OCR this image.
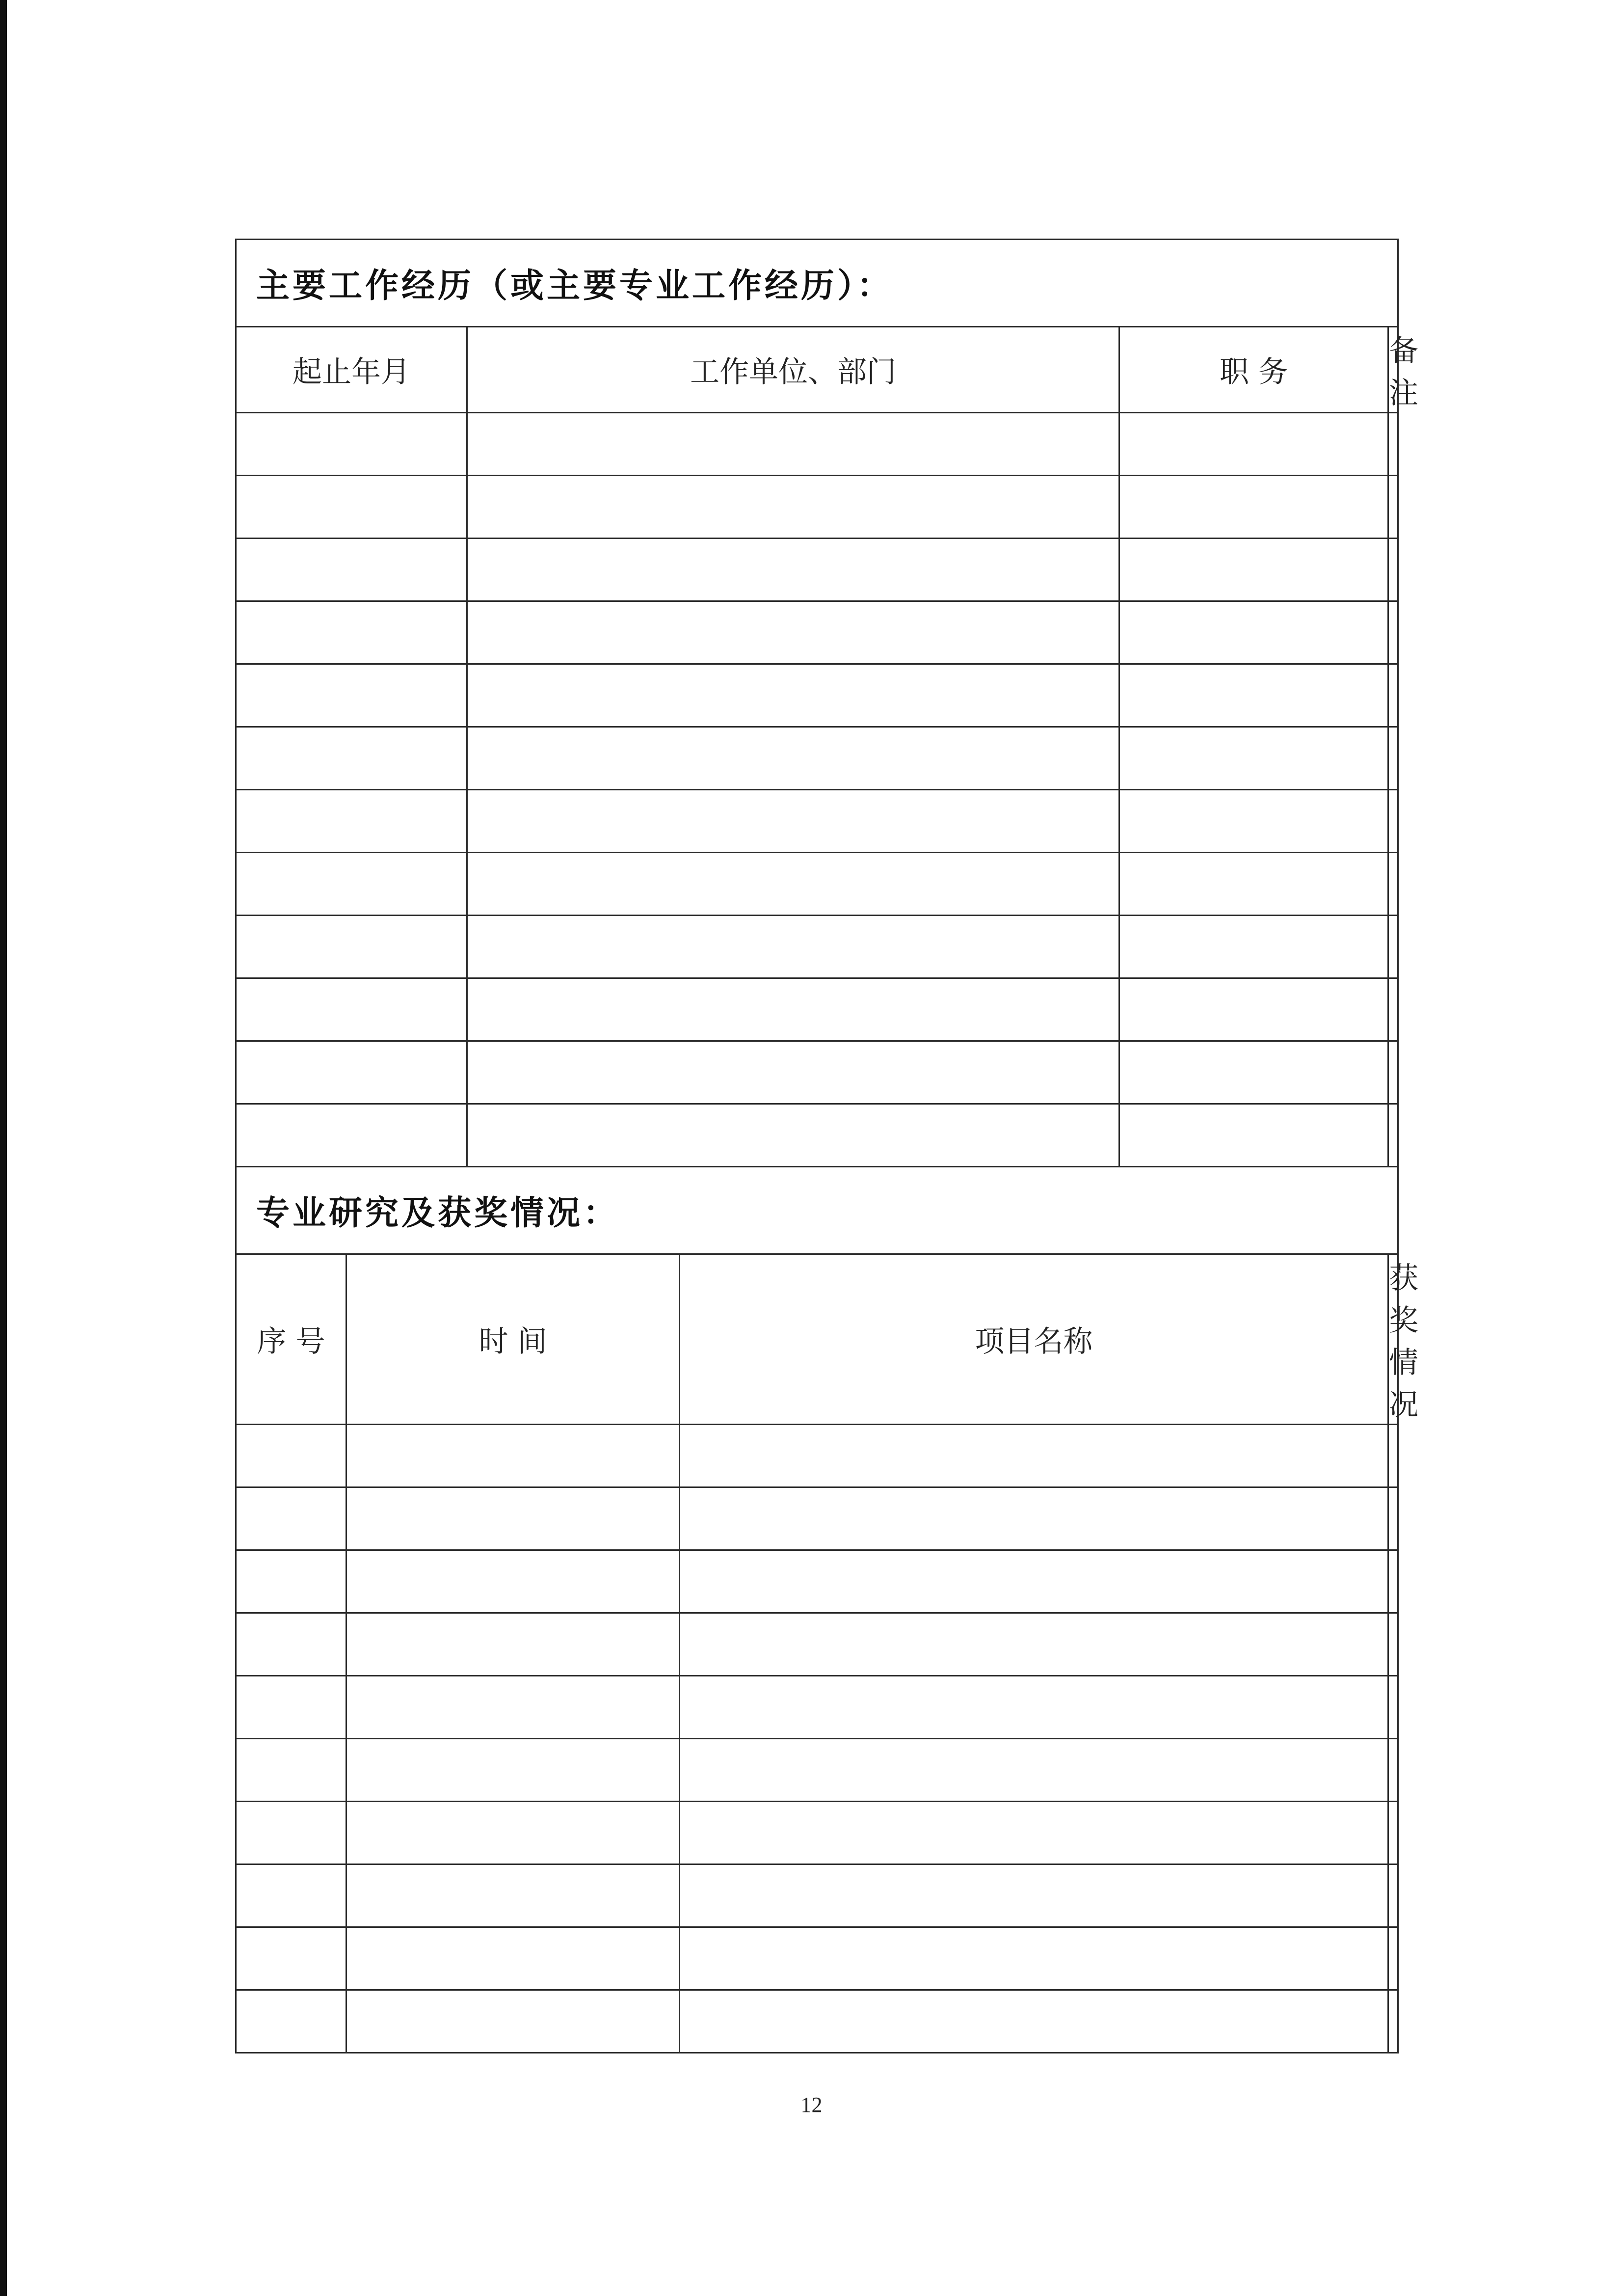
主要工作经历（或主要专业工作经历）：					
起止年月		工作单位、部门		职 务	备 注

专业研究及获奖情况：					
序 号	时 间		项目名称		获奖情况

12
